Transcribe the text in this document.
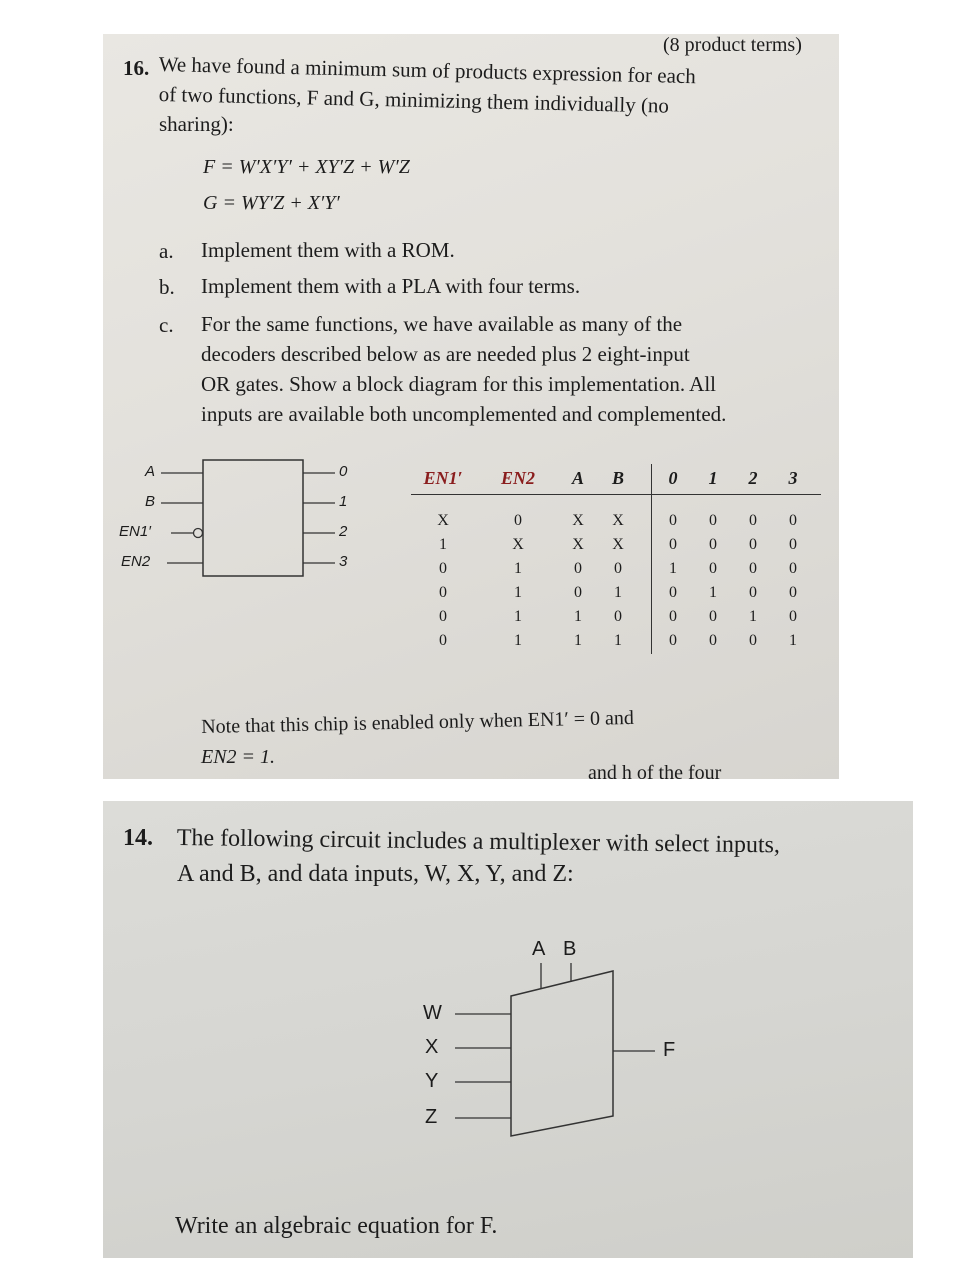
(8 product terms)
16. We have found a minimum sum of products expression for each
of two functions, F and G, minimizing them individually (no
sharing):
F = W′X′Y′ + XY′Z + W′Z
G = WY′Z + X′Y′
a. Implement them with a ROM.
b. Implement them with a PLA with four terms.
c. For the same functions, we have available as many of the
decoders described below as are needed plus 2 eight-input
OR gates. Show a block diagram for this implementation. All
inputs are available both uncomplemented and complemented.
A
B
EN1′
EN2
0
1
2
3
EN1′	EN2	A	B	0	1	2	3
X	0	X	X	0	0	0	0
1	X	X	X	0	0	0	0
0	1	0	0	1	0	0	0
0	1	0	1	0	1	0	0
0	1	1	0	0	0	1	0
0	1	1	1	0	0	0	1
Note that this chip is enabled only when EN1′ = 0 and
EN2 = 1.
and h of the four
14. The following circuit includes a multiplexer with select inputs,
A and B, and data inputs, W, X, Y, and Z:
A B
W
X
Y
Z
F
Write an algebraic equation for F.
